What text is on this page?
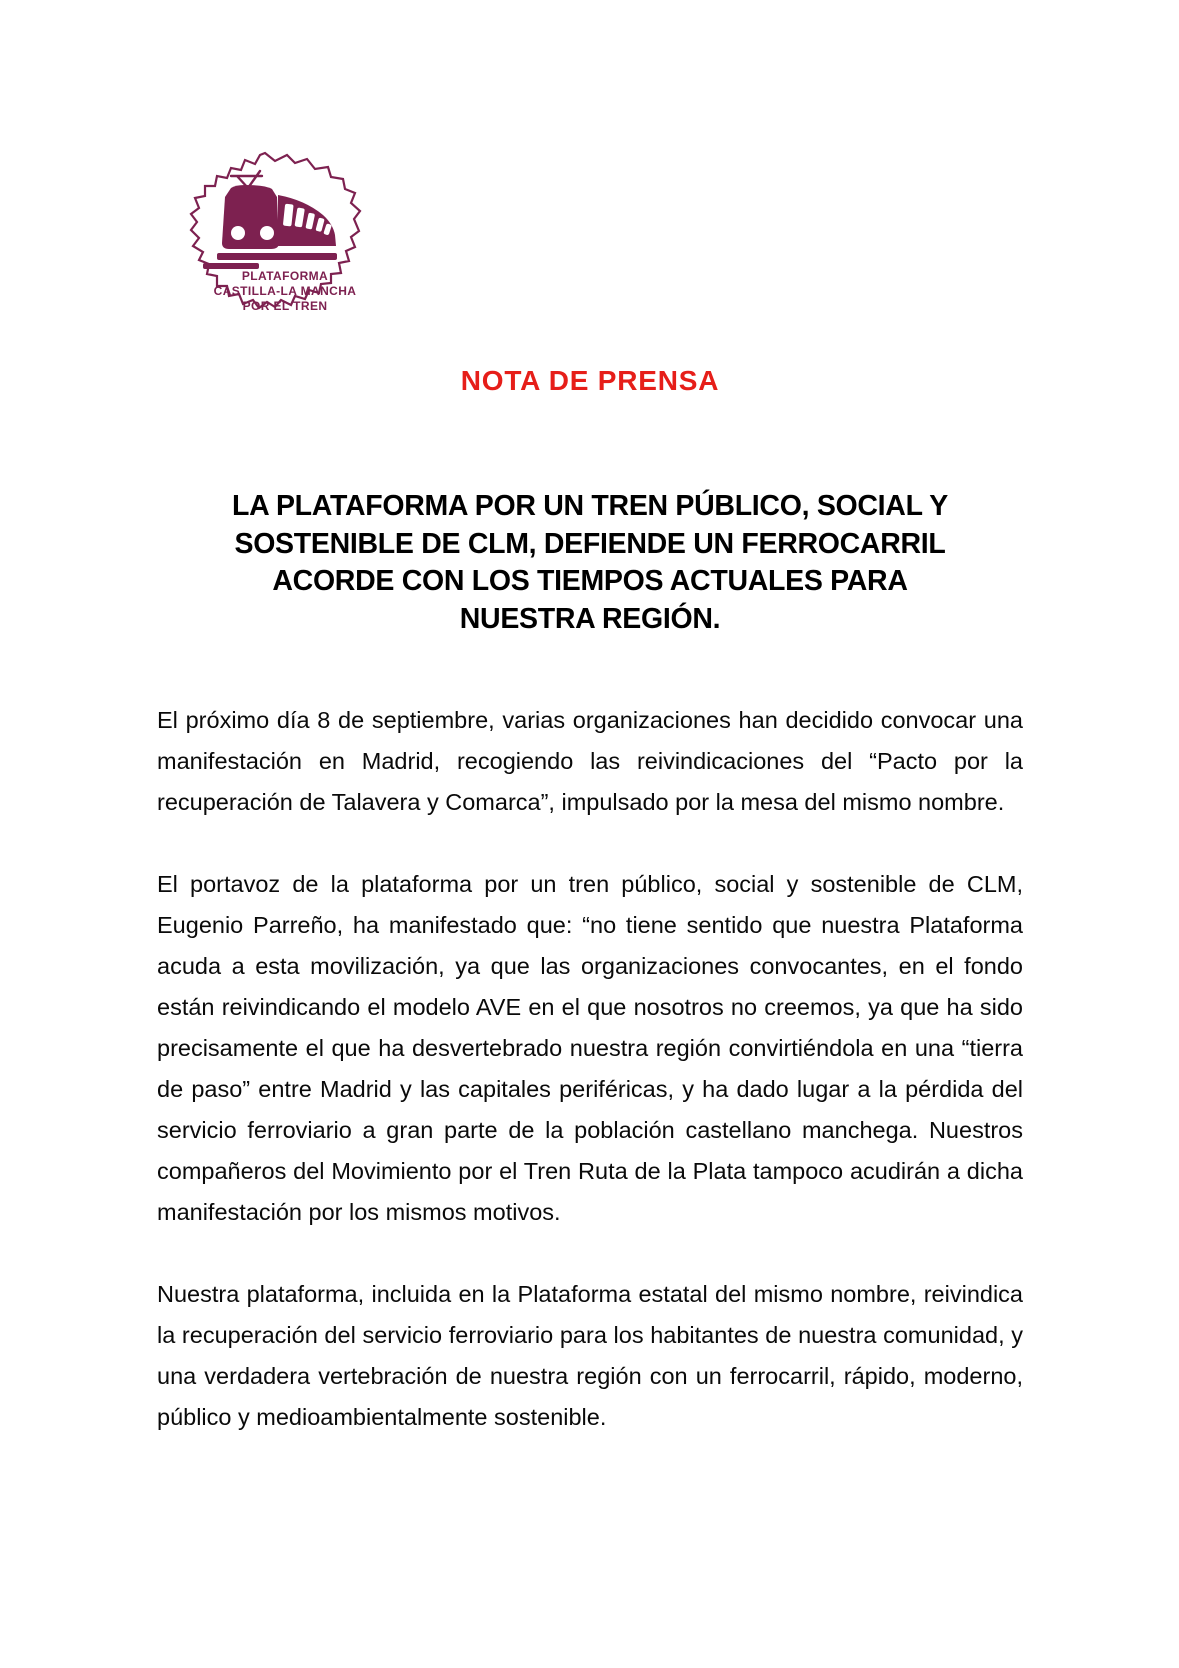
PLATAFORMA
CASTILLA-LA MANCHA
POR EL TREN
NOTA DE PRENSA
LA PLATAFORMA POR UN TREN PÚBLICO, SOCIAL Y
SOSTENIBLE DE CLM, DEFIENDE UN FERROCARRIL
ACORDE CON LOS TIEMPOS ACTUALES PARA
NUESTRA REGIÓN.

El próximo día 8 de septiembre, varias organizaciones han decidido convocar una manifestación en Madrid, recogiendo las reivindicaciones del “Pacto por la recuperación de Talavera y Comarca”, impulsado por la mesa del mismo nombre.

El portavoz de la plataforma por un tren público, social y sostenible de CLM, Eugenio Parreño, ha manifestado que: “no tiene sentido que nuestra Plataforma acuda a esta movilización, ya que las organizaciones convocantes, en el fondo están reivindicando el modelo AVE en el que nosotros no creemos, ya que ha sido precisamente el que ha desvertebrado nuestra región convirtiéndola en una “tierra de paso” entre Madrid y las capitales periféricas, y ha dado lugar a la pérdida del servicio ferroviario a gran parte de la población castellano manchega. Nuestros compañeros del Movimiento por el Tren Ruta de la Plata tampoco acudirán a dicha manifestación por los mismos motivos.

Nuestra plataforma, incluida en la Plataforma estatal del mismo nombre, reivindica la recuperación del servicio ferroviario para los habitantes de nuestra comunidad, y una verdadera vertebración de nuestra región con un ferrocarril, rápido, moderno, público y medioambientalmente sostenible.
